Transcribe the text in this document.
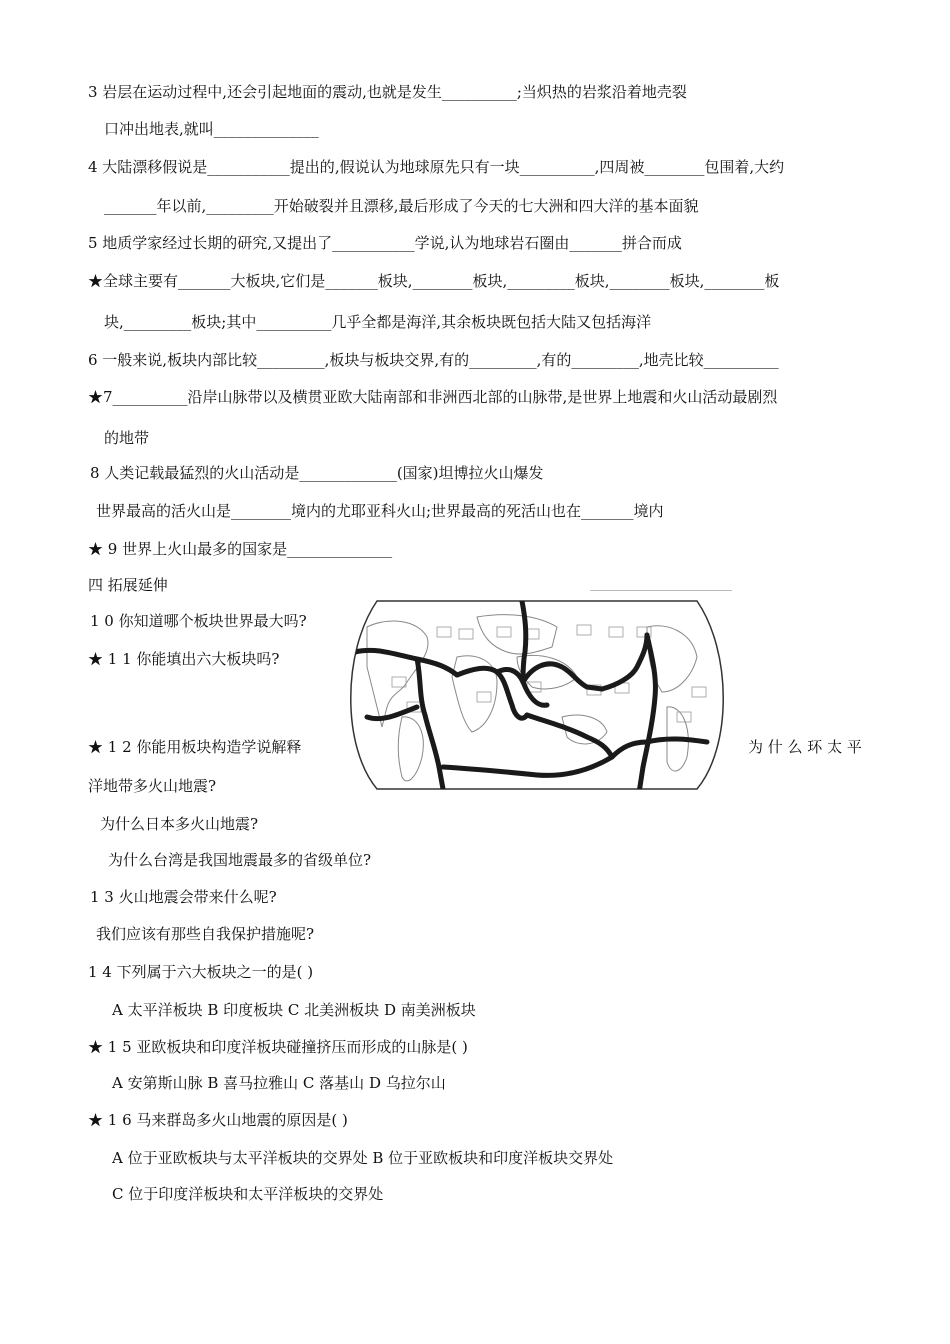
3 岩层在运动过程中,还会引起地面的震动,也就是发生__________;当炽热的岩浆沿着地壳裂
口冲出地表,就叫______________
4 大陆漂移假说是___________提出的,假说认为地球原先只有一块__________,四周被________包围着,大约
_______年以前,_________开始破裂并且漂移,最后形成了今天的七大洲和四大洋的基本面貌
5 地质学家经过长期的研究,又提出了___________学说,认为地球岩石圈由_______拼合而成
★全球主要有_______大板块,它们是_______板块,________板块,_________板块,________板块,________板
块,_________板块;其中__________几乎全都是海洋,其余板块既包括大陆又包括海洋
6 一般来说,板块内部比较_________,板块与板块交界,有的_________,有的_________,地壳比较__________
★7__________沿岸山脉带以及横贯亚欧大陆南部和非洲西北部的山脉带,是世界上地震和火山活动最剧烈
的地带
8 人类记载最猛烈的火山活动是_____________(国家)坦博拉火山爆发
世界最高的活火山是________境内的尤耶亚科火山;世界最高的死活山也在_______境内
★ 9 世界上火山最多的国家是______________
四 拓展延伸
1 0 你知道哪个板块世界最大吗?
★ 1 1 你能填出六大板块吗?
★ 1 2 你能用板块构造学说解释	为 什 么 环 太 平
洋地带多火山地震?
为什么日本多火山地震?
为什么台湾是我国地震最多的省级单位?
1 3 火山地震会带来什么呢?
我们应该有那些自我保护措施呢?
1 4 下列属于六大板块之一的是( )
A 太平洋板块 B 印度板块 C 北美洲板块 D 南美洲板块
★ 1 5 亚欧板块和印度洋板块碰撞挤压而形成的山脉是( )
A 安第斯山脉 B 喜马拉雅山 C 落基山 D 乌拉尔山
★ 1 6 马来群岛多火山地震的原因是( )
A 位于亚欧板块与太平洋板块的交界处 B 位于亚欧板块和印度洋板块交界处
C 位于印度洋板块和太平洋板块的交界处
